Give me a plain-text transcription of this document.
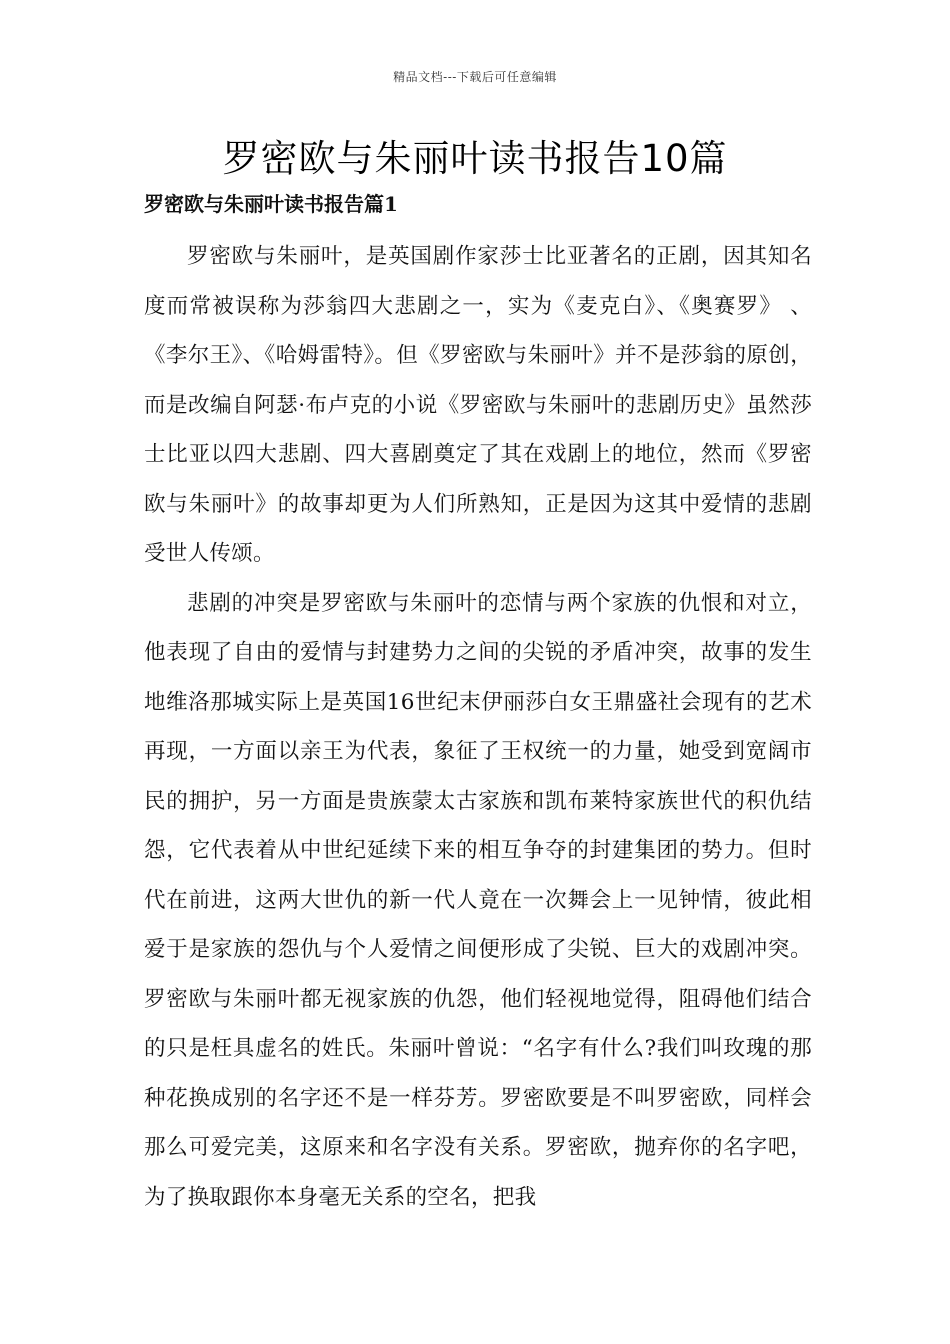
精品文档---下载后可任意编辑
罗密欧与朱丽叶读书报告10篇
罗密欧与朱丽叶读书报告篇1

罗密欧与朱丽叶，是英国剧作家莎士比亚著名的正剧，因其知名度而常被误称为莎翁四大悲剧之一，实为《麦克白》、《奥赛罗》 、《李尔王》、《哈姆雷特》。但《罗密欧与朱丽叶》并不是莎翁的原创，而是改编自阿瑟·布卢克的小说《罗密欧与朱丽叶的悲剧历史》虽然莎士比亚以四大悲剧、四大喜剧奠定了其在戏剧上的地位，然而《罗密欧与朱丽叶》的故事却更为人们所熟知，正是因为这其中爱情的悲剧受世人传颂。

悲剧的冲突是罗密欧与朱丽叶的恋情与两个家族的仇恨和对立，他表现了自由的爱情与封建势力之间的尖锐的矛盾冲突，故事的发生地维洛那城实际上是英国16世纪末伊丽莎白女王鼎盛社会现有的艺术再现，一方面以亲王为代表，象征了王权统一的力量，她受到宽阔市民的拥护，另一方面是贵族蒙太古家族和凯布莱特家族世代的积仇结怨，它代表着从中世纪延续下来的相互争夺的封建集团的势力。但时代在前进，这两大世仇的新一代人竟在一次舞会上一见钟情，彼此相爱于是家族的怨仇与个人爱情之间便形成了尖锐、巨大的戏剧冲突。罗密欧与朱丽叶都无视家族的仇怨，他们轻视地觉得，阻碍他们结合的只是枉具虚名的姓氏。朱丽叶曾说：“名字有什么?我们叫玫瑰的那种花换成别的名字还不是一样芬芳。罗密欧要是不叫罗密欧，同样会那么可爱完美，这原来和名字没有关系。罗密欧，抛弃你的名字吧，为了换取跟你本身毫无关系的空名，把我
